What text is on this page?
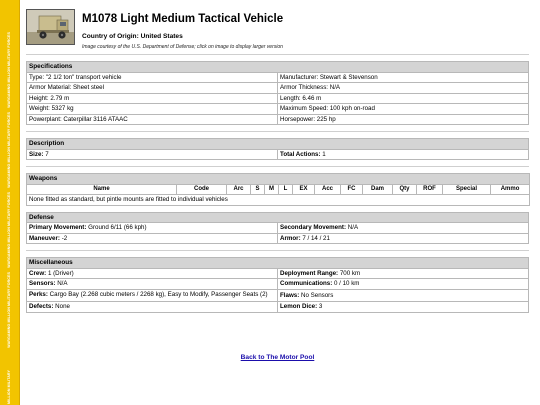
WARGAMING MILLION MILITARY FORCES
WARGAMING MILLION MILITARY FORCES
WARGAMING MILLION MILITARY FORCES
WARGAMING MILLION MILITARY FORCES
MILLION MILITARY
M1078 Light Medium Tactical Vehicle
Country of Origin: United States
Image courtesy of the U.S. Department of Defense; click on image to display larger version
Specifications	
Type: "2 1/2 ton" transport vehicle	Manufacturer: Stewart & Stevenson
Armor Material: Sheet steel	Armor Thickness: N/A
Height: 2.79 m	Length: 6.46 m
Weight: 5327 kg	Maximum Speed: 100 kph on-road
Powerplant: Caterpillar 3116 ATAAC	Horsepower: 225 hp
Description
Size: 7	Total Actions: 1
Weapons
Name	Code	Arc	S	M	L	EX	Acc	FC	Dam	Qty	ROF	Special	Ammo
None fitted as standard, but pintle mounts are fitted to individual vehicles
Defense	
Primary Movement: Ground 6/11 (66 kph)	Secondary Movement: N/A
Maneuver: -2	Armor: 7 / 14 / 21
Miscellaneous	
Crew: 1 (Driver)	Deployment Range: 700 km
Sensors: N/A	Communications: 0 / 10 km
Perks: Cargo Bay (2.268 cubic meters / 2268 kg), Easy to Modify, Passenger Seats (2)	Flaws: No Sensors
Defects: None	Lemon Dice: 3
Back to The Motor Pool
